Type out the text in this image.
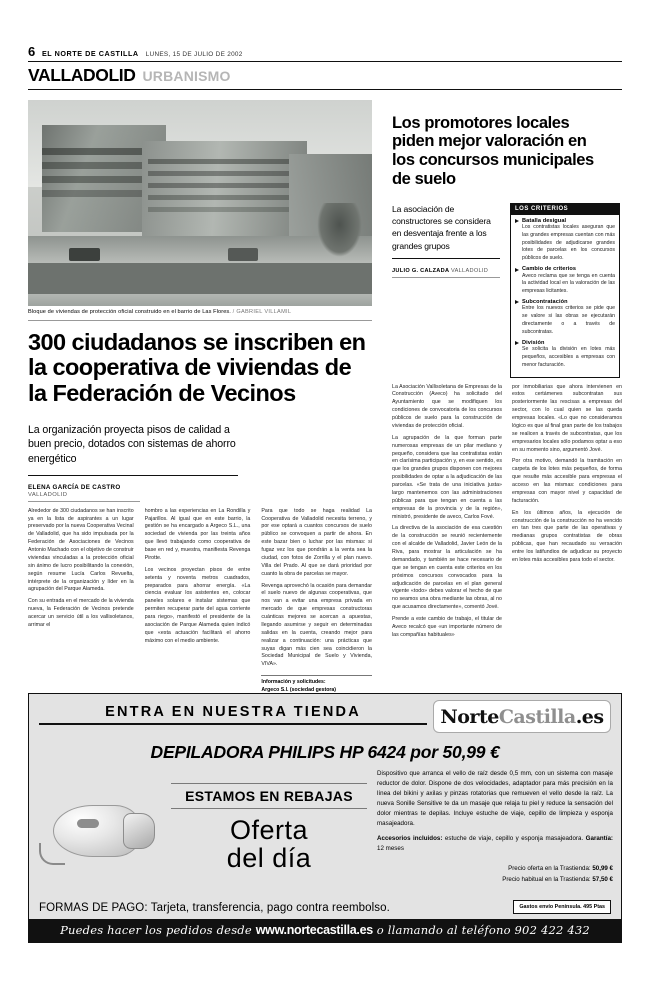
6 EL NORTE DE CASTILLA LUNES, 15 DE JULIO DE 2002
VALLADOLID URBANISMO
Bloque de viviendas de protección oficial construido en el barrio de Las Flores. / GABRIEL VILLAMIL
300 ciudadanos se inscriben en la cooperativa de viviendas de la Federación de Vecinos
La organización proyecta pisos de calidad a buen precio, dotados con sistemas de ahorro energético
ELENA GARCÍA DE CASTRO
VALLADOLID

Alrededor de 300 ciudadanos se han inscrito ya en la lista de aspirantes a un lugar preservado por la nueva Cooperativa Vecinal de Valladolid, que ha sido impulsada por la Federación de Asociaciones de Vecinos Antonio Machado con el objetivo de construir viviendas vinculadas a la protección oficial sin ánimo de lucro posibilitando la conexión, según resume Lucía Carlos Revuelta, intérprete de la organización y líder en la agrupación del Parque Alameda.

Con su entrada en el mercado de la vivienda nueva, la Federación de Vecinos pretende acercar un servicio útil a los vallisoletanos, arrimar el

hombro a las experiencias en La Rondilla y Pajarillos. Al igual que en este barrio, la gestión se ha encargado a Argeco S.L., una sociedad de vivienda por las treinta años que llevó trabajando como cooperativa de base en red y, muestra, manifiesta Revenga Pirotte.

Los vecinos proyectan pisos de entre setenta y noventa metros cuadrados, preparados para ahorrar energía. «La ciencia evaluar los asistentes en, colocar paneles solares e instalar sistemas que permiten recuperar parte del agua corriente para riego», manifestó el presidente de la asociación de Parque Alameda quien indicó que «esta actuación facilitará el ahorro máximo con el medio ambiente.

Para que todo se haga realidad La Cooperativa de Valladolid necesita terreno, y por ese optará a cuantos concursos de suelo público se convoquen a partir de ahora. En este bazar bien o luchar por las mismas: si fugaz vez los que pondrán a la venta sea la ciudad, con fotos de Zorrilla y el plan nuevo. Villa del Prado. Al que se dará prioridad por cuanto la obra de parcelas se mayor.

Revenga aprovechó la ocasión para demandar el suelo nuevo de algunas cooperativas, que nos van a evitar una empresa privada en mercado de que empresas constructoras cuánticas mejores se acercan a apuestas, llegando asumirse y seguir en determinadas salidas en la cuenta, creando mejor para realizar a continuación: una prácticas que suyas digan más cien sea coincidieron la Sociedad Municipal de Suelo y Vivienda, VIVA».

Información y solicitudes:
Argeco S.l. (sociedad gestora)
Los promotores locales piden mejor valoración en los concursos municipales de suelo
La asociación de constructores se considera en desventaja frente a los grandes grupos
JULIO G. CALZADA VALLADOLID
LOS CRITERIOS
Batalla desigual
Los contratistas locales aseguran que las grandes empresas cuentan con más posibilidades de adjudicarse grandes lotes de parcelas en los concursos públicos de suelo.
Cambio de criterios
Aveco reclama que se tenga en cuenta la actividad local en la valoración de las empresas licitantes.
Subcontratación
Entre los nuevos criterios se pide que se valore si las obras se ejecutarán directamente o a través de subcontratas.
División
Se solicita la división en lotes más pequeños, accesibles a empresas con menor facturación.

La Asociación Vallisoletana de Empresas de la Construcción (Aveco) ha solicitado del Ayuntamiento que se modifiquen los condiciones de convocatoria de los concursos públicos de suelo para la construcción de viviendas de protección oficial.

La agrupación de la que forman parte numerosas empresas de un pilar mediano y pequeño, considera que las contratistas están en clarísima participación y, en ese sentido, es que los grandes grupos disponen con mejores posibilidades de optar a la adjudicación de las parcelas. «Se trata de una iniciativa justa» largo mantenemos con las administraciones públicas para que tengan en cuenta a las empresas de la provincia y de la región», ministró, presidente de aveco, Carlos Fové.

La directiva de la asociación de esa cuestión de la construcción se reunió recientemente con el alcalde de Valladolid, Javier León de la Riva, para mostrar la articulación se ha demandado, y también se hace necesario de que se tengan en cuenta este criterios en los próximos concursos convocados para la adjudicación de parcelas en el plan general vigente «todo» debes valorar el hecho de que no seamos una obra mediante las obras, al no que acusamos directamente», comentó Jové.

Prende a este cambio de trabajo, el titular de Aveco recalcó que «un importante número de las compañías habituales»

por inmobiliarias que ahora intervienen en estos certámenes subcontratan sus posteriormente las rescisas a empresas del sector, con lo cual quien se las queda empresas locales. «Lo que no consideramos lógico es que al final gran parte de los trabajos se realicen a través de subcontratas, que los empresarios locales sólo podamos optar a eso en su momento sino, argumentó Jové.

Por otra motivo, demandó la tramitación en carpeta de los lotes más pequeños, de forma que resulte más accesible para empresas el acceso en las mismas: condiciones para empresas con mayor nivel y capacidad de facturación.

En los últimos años, la ejecución de construcción de la construcción no ha vencido en tan tres que parte de las operativas y medianas grupos contratistas de obras públicas, que han recaudado su versación entre los latifundios de adjudicar su proyecto en lotes más accesibles para todo el sector.

ENTRA EN NUESTRA TIENDA	Norte Castilla .es
DEPILADORA PHILIPS HP 6424 por 50,99 €
ESTAMOS EN REBAJAS
Oferta
del día

Dispositivo que arranca el vello de raíz desde 0,5 mm, con un sistema con masaje reductor de dolor. Dispone de dos velocidades, adaptador para más precisión en la línea del bikini y axilas y pinzas rotatorias que remueven el vello desde la raíz. La nueva Sonille Sensitive te da un masaje que relaja tu piel y reduce la sensación del dolor mientras te depilas. Incluye estuche de viaje, cepillo de limpieza y esponja masajeadora.

Accesorios incluidos: estuche de viaje, cepillo y esponja masajeadora. Garantía: 12 meses

Precio oferta en la Trastienda: 50,99 €
Precio habitual en la Trastienda: 57,50 €
FORMAS DE PAGO: Tarjeta, transferencia, pago contra reembolso.	Gastos envío Península. 495 Ptas
Puedes hacer los pedidos desde www.nortecastilla.es o llamando al teléfono 902 422 432
